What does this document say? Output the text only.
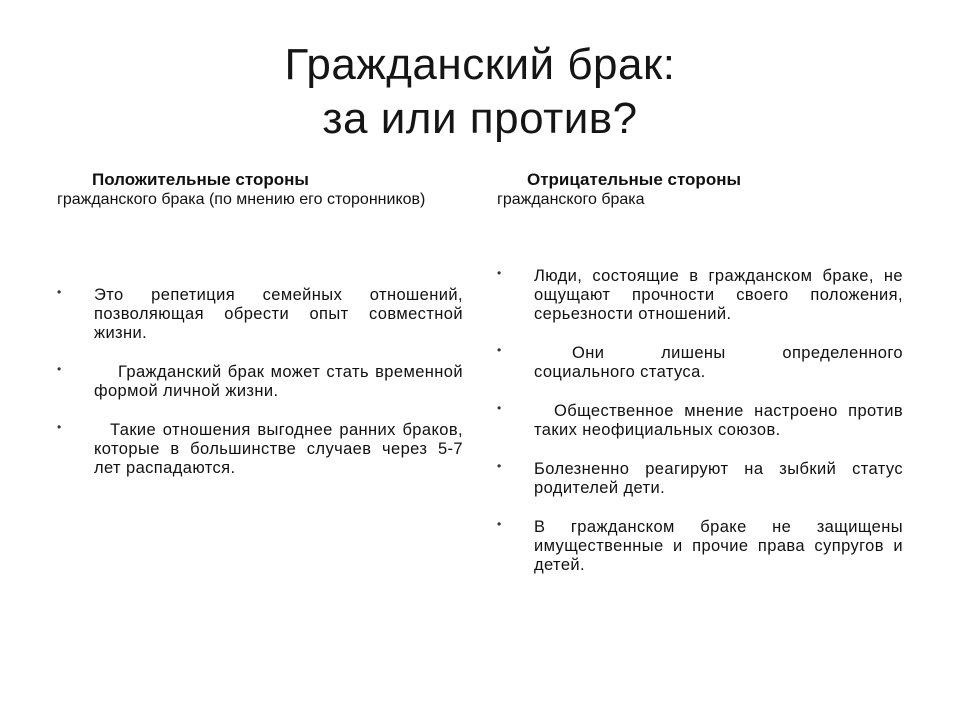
Гражданский брак:
за или против?
Положительные стороны
гражданского брака (по мнению его сторонников)
• Это репетиция семейных отношений, позволяющая обрести опыт совместной жизни.
•	Гражданский брак может стать временной формой личной жизни.
•	Такие отношения выгоднее ранних браков, которые в большинстве случаев через 5-7 лет распадаются.
Отрицательные стороны
гражданского брака
• Люди, состоящие в гражданском браке, не ощущают прочности своего положения, серьезности отношений.
•	Они лишены определенного социального статуса.
•	Общественное мнение настроено против таких неофициальных союзов.
• Болезненно реагируют на зыбкий статус родителей дети.
• В гражданском браке не защищены имущественные и прочие права супругов и детей.
